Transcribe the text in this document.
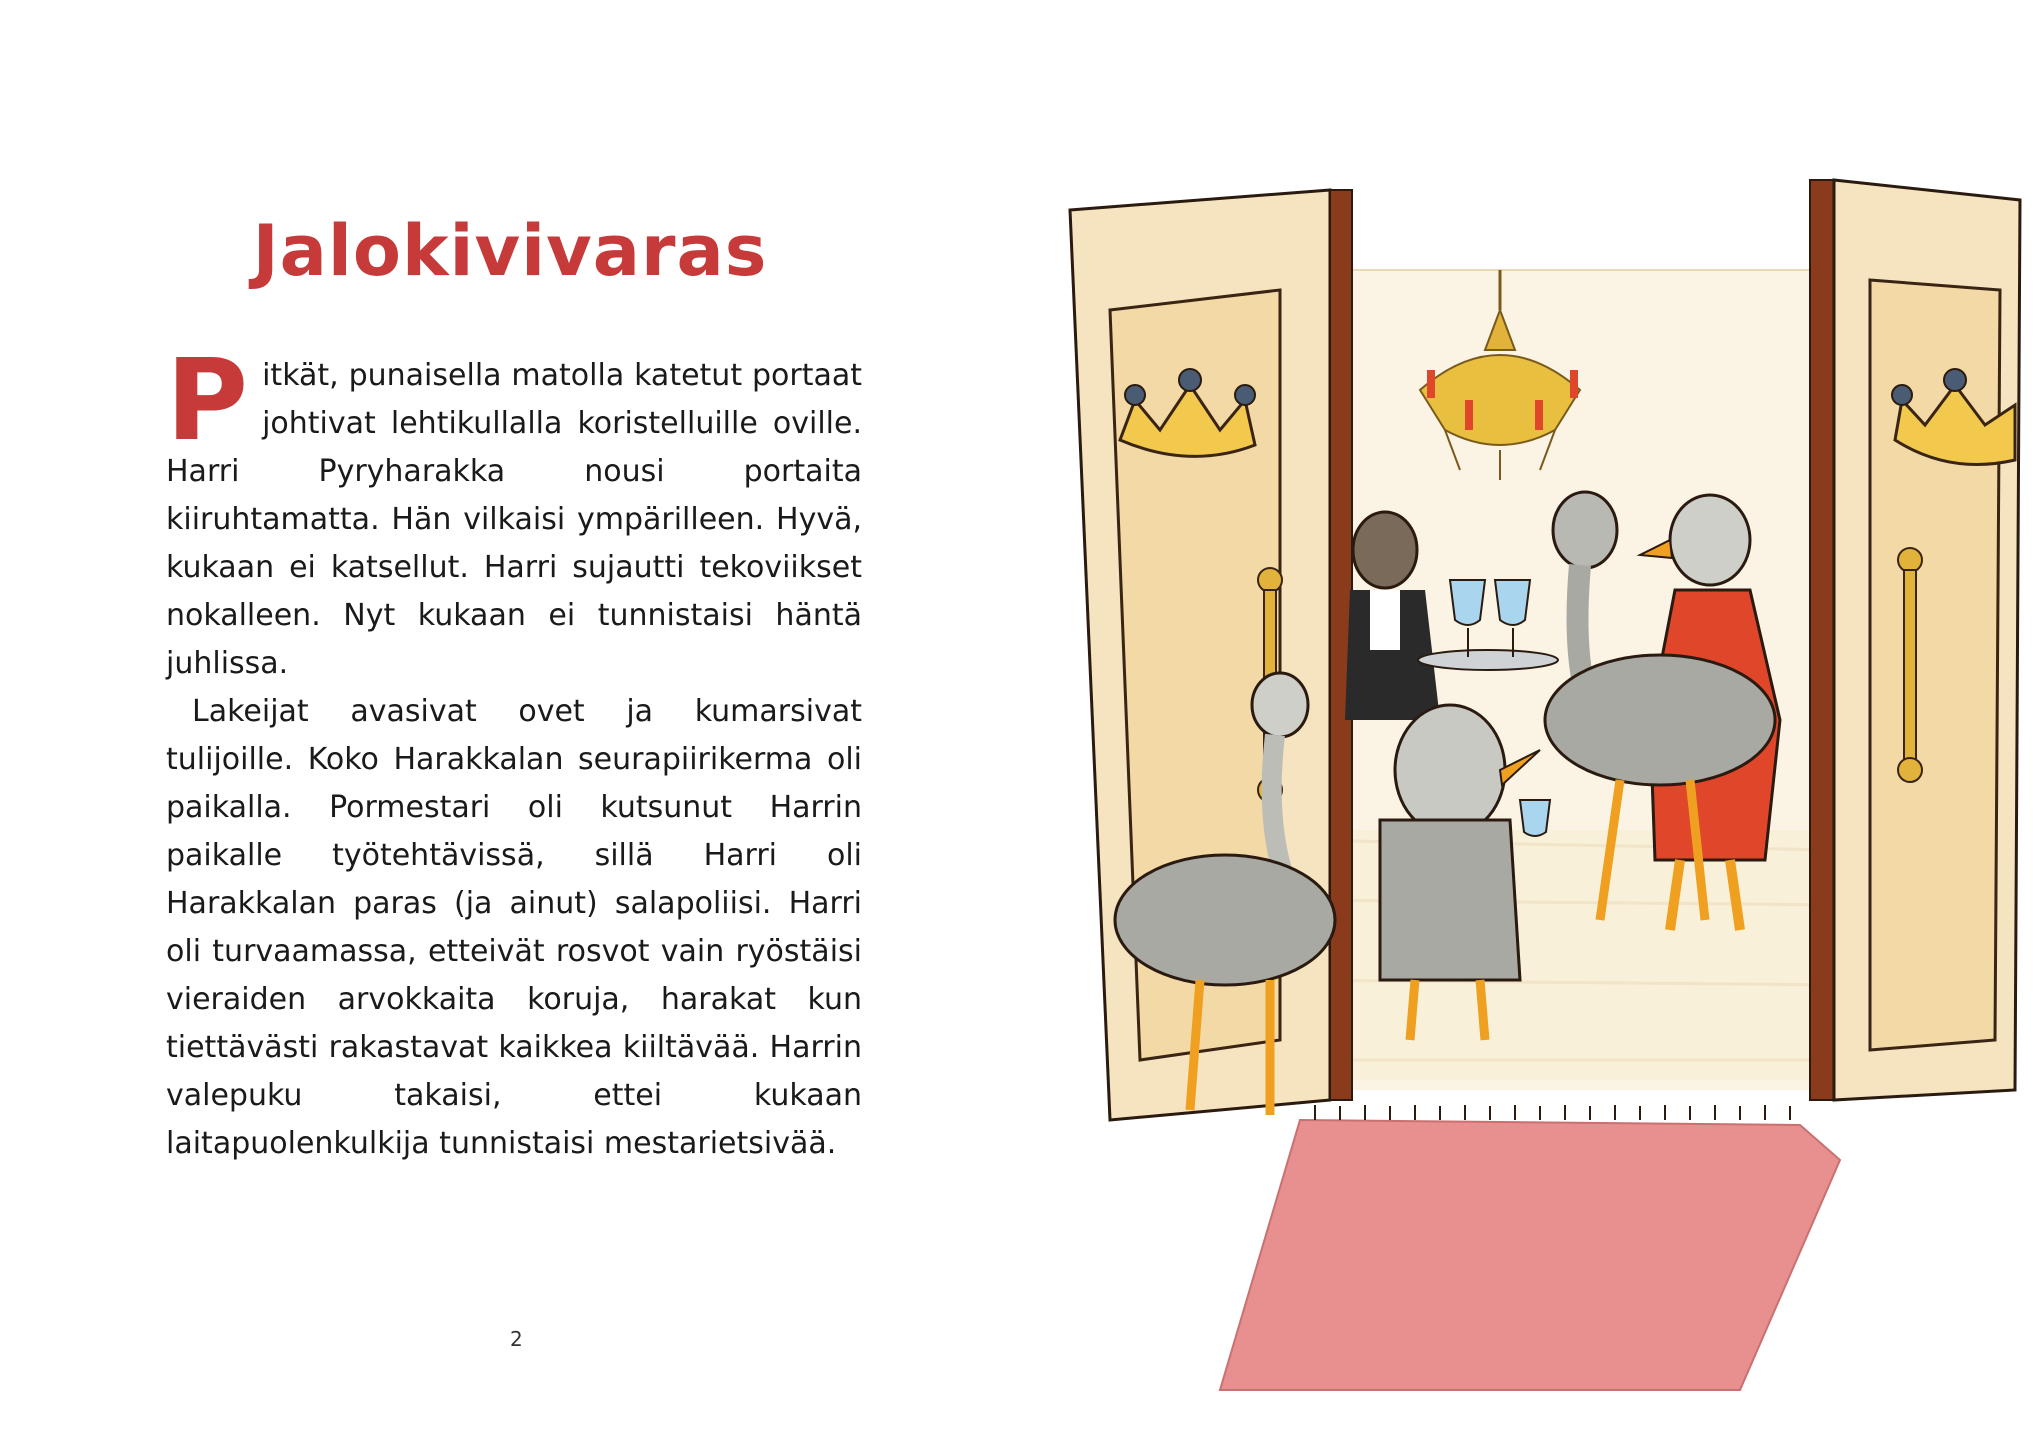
Jalokivivaras

Pitkät, punaisella matolla katetut portaat johtivat lehtikullalla koristelluille oville. Harri Pyryharakka nousi portaita kiiruhtamatta. Hän vilkaisi ympärilleen. Hyvä, kukaan ei katsellut. Harri sujautti tekoviikset nokalleen. Nyt kukaan ei tunnistaisi häntä juhlissa.

Lakeijat avasivat ovet ja kumarsivat tulijoille. Koko Harakkalan seurapiirikerma oli paikalla. Pormestari oli kutsunut Harrin paikalle työtehtävissä, sillä Harri oli Harakkalan paras (ja ainut) salapoliisi. Harri oli turvaamassa, etteivät rosvot vain ryöstäisi vieraiden arvokkaita koruja, harakat kun tiettävästi rakastavat kaikkea kiiltävää. Harrin valepuku takaisi, ettei kukaan laitapuolenkulkija tunnistaisi mestarietsivää.

2
